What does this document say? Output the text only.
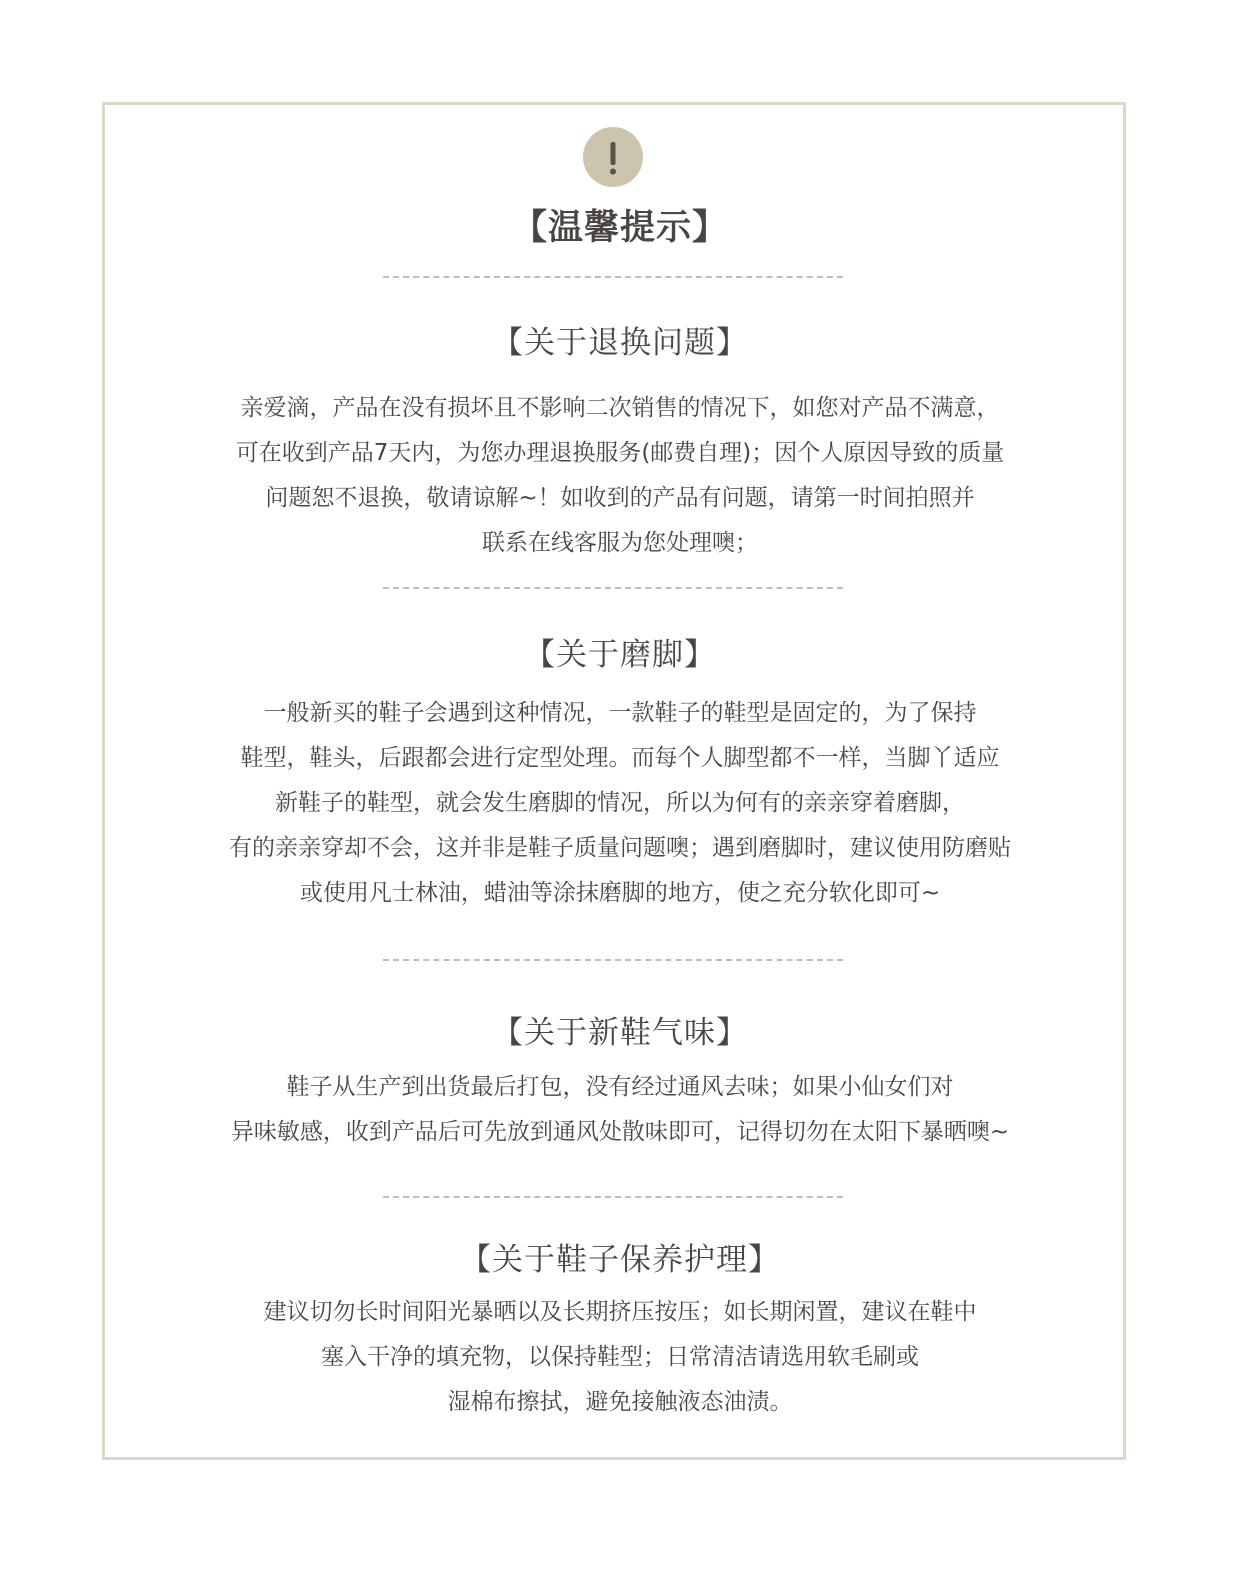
【温馨提示】
【关于退换问题】
亲爱滴，产品在没有损坏且不影响二次销售的情况下，如您对产品不满意，
可在收到产品7天内，为您办理退换服务(邮费自理)；因个人原因导致的质量
问题恕不退换，敬请谅解~！如收到的产品有问题，请第一时间拍照并
联系在线客服为您处理噢；
【关于磨脚】
一般新买的鞋子会遇到这种情况，一款鞋子的鞋型是固定的，为了保持
鞋型，鞋头，后跟都会进行定型处理。而每个人脚型都不一样，当脚丫适应
新鞋子的鞋型，就会发生磨脚的情况，所以为何有的亲亲穿着磨脚，
有的亲亲穿却不会，这并非是鞋子质量问题噢；遇到磨脚时，建议使用防磨贴
或使用凡士林油，蜡油等涂抹磨脚的地方，使之充分软化即可~
【关于新鞋气味】
鞋子从生产到出货最后打包，没有经过通风去味；如果小仙女们对
异味敏感，收到产品后可先放到通风处散味即可，记得切勿在太阳下暴晒噢~
【关于鞋子保养护理】
建议切勿长时间阳光暴晒以及长期挤压按压；如长期闲置，建议在鞋中
塞入干净的填充物，以保持鞋型；日常清洁请选用软毛刷或
湿棉布擦拭，避免接触液态油渍。
